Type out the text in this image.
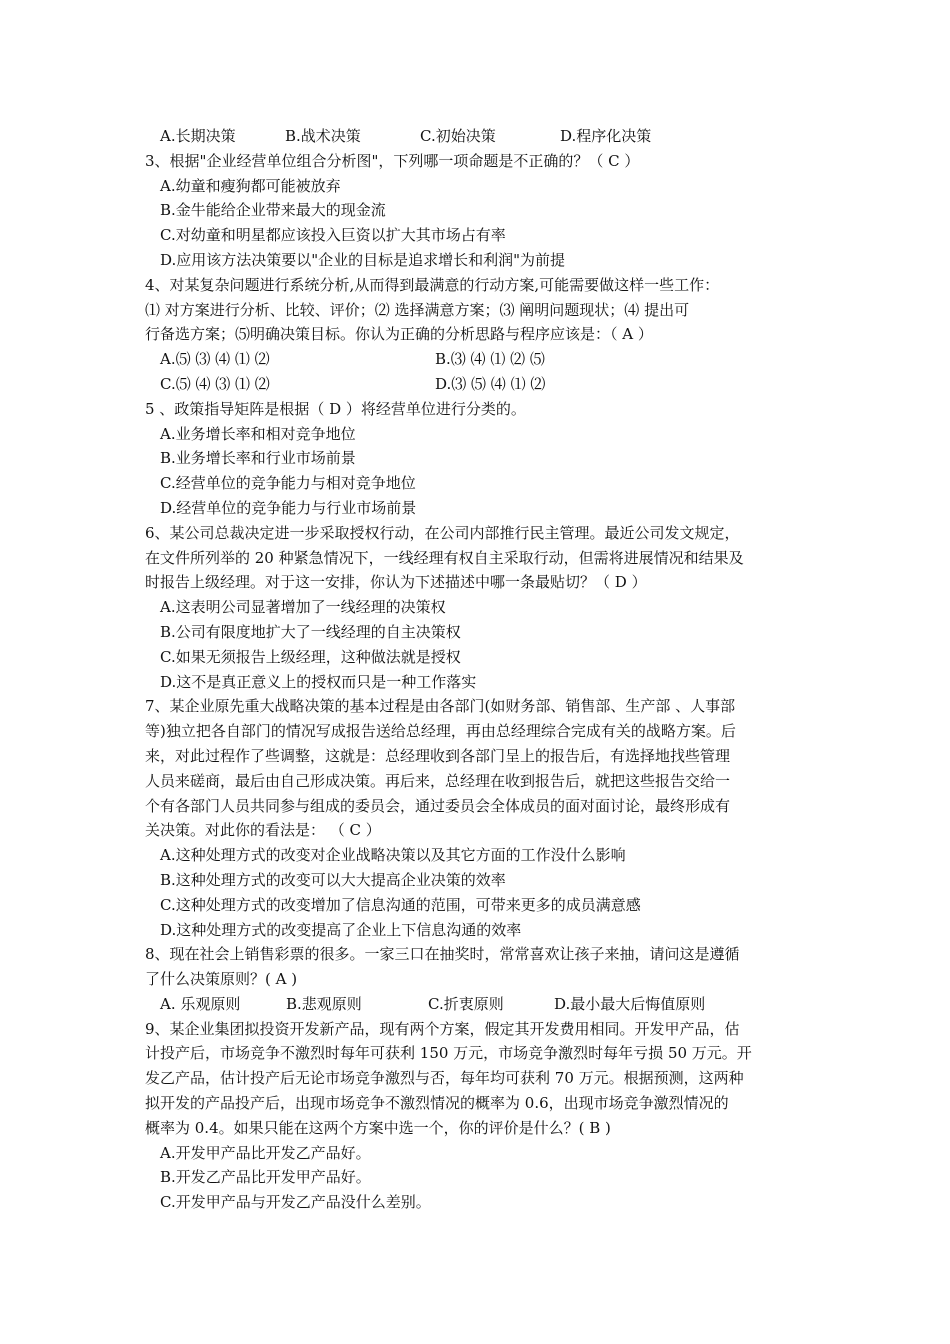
A.长期决策	B.战术决策	C.初始决策	D.程序化决策
3、根据"企业经营单位组合分析图"，下列哪一项命题是不正确的？（ C ）
A.幼童和瘦狗都可能被放弃
B.金牛能给企业带来最大的现金流
C.对幼童和明星都应该投入巨资以扩大其市场占有率
D.应用该方法决策要以"企业的目标是追求增长和利润"为前提
4、对某复杂问题进行系统分析,从而得到最满意的行动方案,可能需要做这样一些工作：
⑴ 对方案进行分析、比较、评价；⑵ 选择满意方案；⑶ 阐明问题现状；⑷ 提出可
行备选方案；⑸明确决策目标。你认为正确的分析思路与程序应该是：（ A ）
A.⑸ ⑶ ⑷ ⑴ ⑵	B.⑶ ⑷ ⑴ ⑵ ⑸
C.⑸ ⑷ ⑶ ⑴ ⑵	D.⑶ ⑸ ⑷ ⑴ ⑵
5 、政策指导矩阵是根据（ D ）将经营单位进行分类的。
A.业务增长率和相对竞争地位
B.业务增长率和行业市场前景
C.经营单位的竞争能力与相对竞争地位
D.经营单位的竞争能力与行业市场前景
6、某公司总裁决定进一步采取授权行动，在公司内部推行民主管理。最近公司发文规定，
在文件所列举的 20 种紧急情况下，一线经理有权自主采取行动，但需将进展情况和结果及
时报告上级经理。对于这一安排，你认为下述描述中哪一条最贴切？（ D ）
A.这表明公司显著增加了一线经理的决策权
B.公司有限度地扩大了一线经理的自主决策权
C.如果无须报告上级经理，这种做法就是授权
D.这不是真正意义上的授权而只是一种工作落实
7、某企业原先重大战略决策的基本过程是由各部门(如财务部、销售部、生产部 、人事部
等)独立把各自部门的情况写成报告送给总经理，再由总经理综合完成有关的战略方案。后
来，对此过程作了些调整，这就是：总经理收到各部门呈上的报告后，有选择地找些管理
人员来磋商，最后由自己形成决策。再后来，总经理在收到报告后，就把这些报告交给一
个有各部门人员共同参与组成的委员会，通过委员会全体成员的面对面讨论，最终形成有
关决策。对此你的看法是： （ C ）
A.这种处理方式的改变对企业战略决策以及其它方面的工作没什么影响
B.这种处理方式的改变可以大大提高企业决策的效率
C.这种处理方式的改变增加了信息沟通的范围，可带来更多的成员满意感
D.这种处理方式的改变提高了企业上下信息沟通的效率
8、现在社会上销售彩票的很多。一家三口在抽奖时，常常喜欢让孩子来抽，请问这是遵循
了什么决策原则？( A )
A. 乐观原则	B.悲观原则	C.折衷原则	D.最小最大后悔值原则
9、某企业集团拟投资开发新产品，现有两个方案，假定其开发费用相同。开发甲产品，估
计投产后，市场竞争不激烈时每年可获利 150 万元，市场竞争激烈时每年亏损 50 万元。开
发乙产品，估计投产后无论市场竞争激烈与否，每年均可获利 70 万元。根据预测，这两种
拟开发的产品投产后，出现市场竞争不激烈情况的概率为 0.6，出现市场竞争激烈情况的
概率为 0.4。如果只能在这两个方案中选一个，你的评价是什么？( B )
A.开发甲产品比开发乙产品好。
B.开发乙产品比开发甲产品好。
C.开发甲产品与开发乙产品没什么差别。
